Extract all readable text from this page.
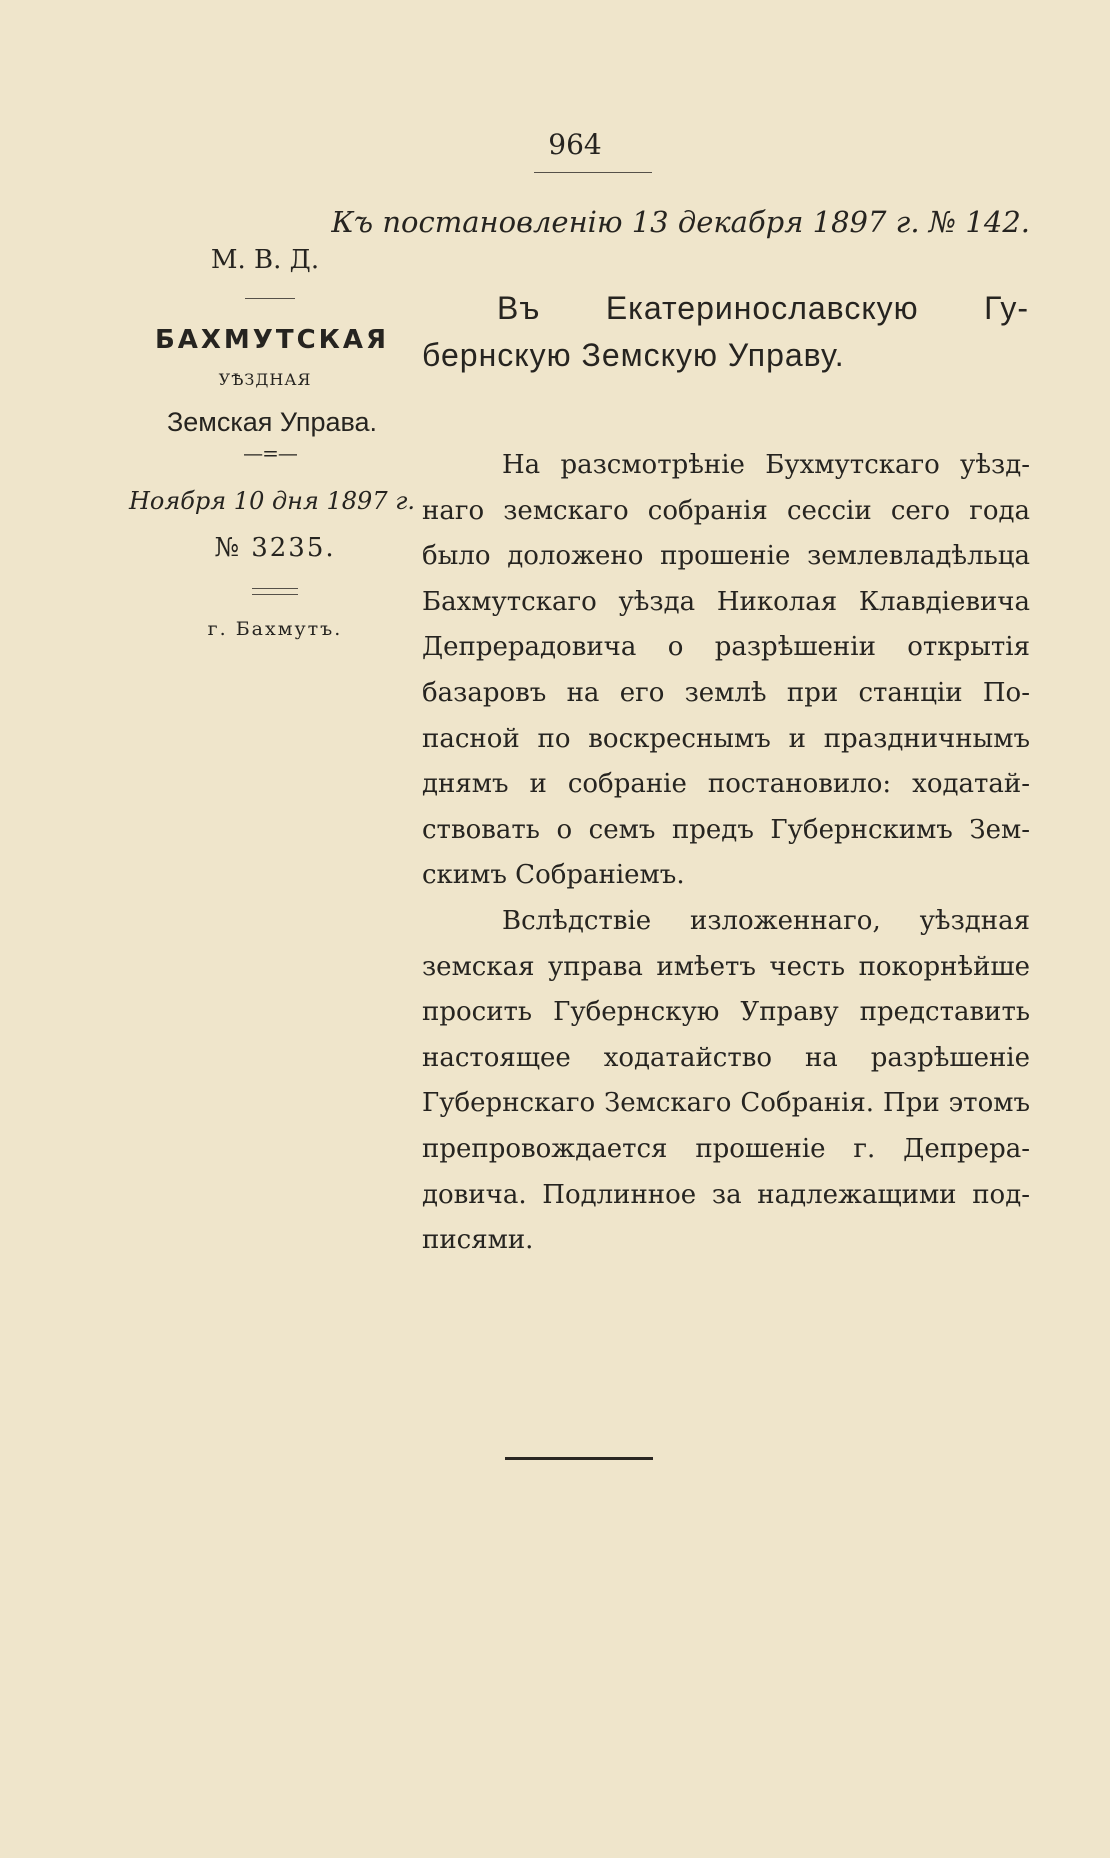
964
Къ постановленію 13 декабря 1897 г. № 142.
М. В. Д.
БАХМУТСКАЯ
УѢЗДНАЯ
Земская Управа.
—=—
Ноября 10 дня 1897 г.
№ 3235.
г. Бахмутъ.
Въ Екатеринославскую Гу-
бернскую Земскую Управу.
На разсмотрѣніе Бухмутскаго уѣзд-
наго земскаго собранія сессіи сего года
было доложено прошеніе землевладѣльца
Бахмутскаго уѣзда Николая Клавдіевича
Депрерадовича о разрѣшеніи открытія
базаровъ на его землѣ при станціи По-
пасной по воскреснымъ и праздничнымъ
днямъ и собраніе постановило: ходатай-
ствовать о семъ предъ Губернскимъ Зем-
скимъ Собраніемъ.
Вслѣдствіе изложеннаго, уѣздная
земская управа имѣетъ честь покорнѣйше
просить Губернскую Управу представить
настоящее ходатайство на разрѣшеніе
Губернскаго Земскаго Собранія. При этомъ
препровождается прошеніе г. Депрера-
довича. Подлинное за надлежащими под-
писями.
